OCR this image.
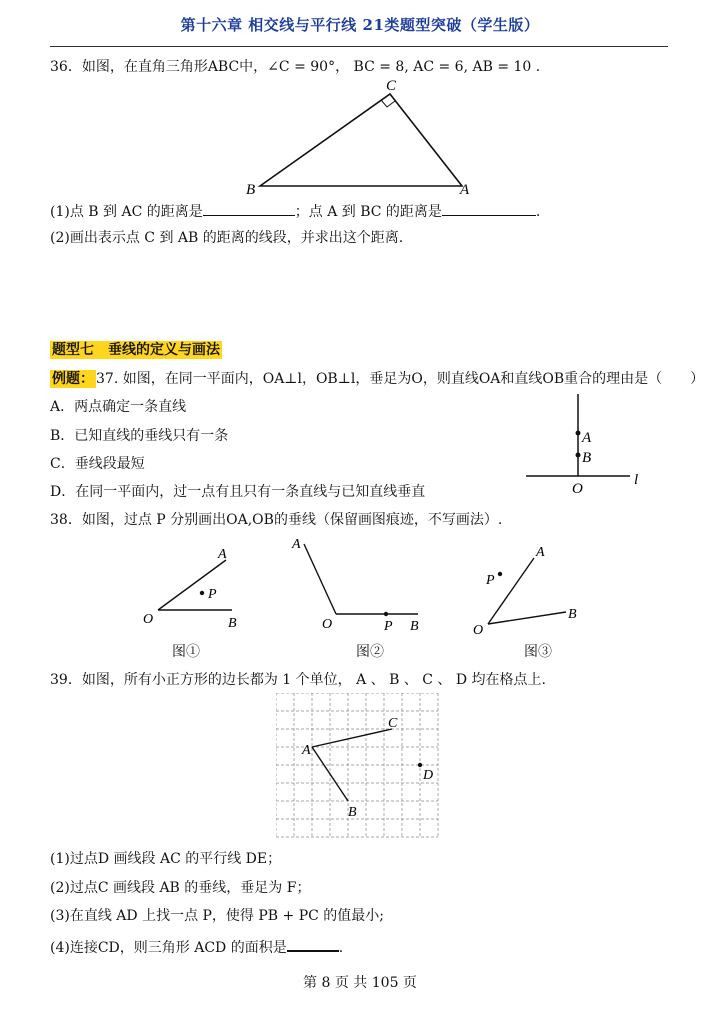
第十六章 相交线与平行线 21类题型突破（学生版）
36．如图，在直角三角形ABC中，∠C = 90°， BC = 8, AC = 6, AB = 10 .
C
B	A
(1)点 B 到 AC 的距离是	；点 A 到 BC 的距离是	.
(2)画出表示点 C 到 AB 的距离的线段，并求出这个距离.
题型七　垂线的定义与画法
例题： 37. 如图，在同一平面内，OA⊥l，OB⊥l，垂足为O，则直线OA和直线OB重合的理由是（　　）
A．两点确定一条直线
B．已知直线的垂线只有一条
C．垂线段最短
D．在同一平面内，过一点有且只有一条直线与已知直线垂直
A
B
O
l
38．如图，过点 P 分别画出OA,OB的垂线（保留画图痕迹，不写画法）.
A
P
O	B
图①
A
O	P B
图②
A
P
O
B
图③
39．如图，所有小正方形的边长都为 1 个单位， A 、 B 、 C 、 D 均在格点上.
C
A
D
B
(1)过点D 画线段 AC 的平行线 DE；
(2)过点C 画线段 AB 的垂线，垂足为 F；
(3)在直线 AD 上找一点 P，使得 PB + PC 的值最小;
(4)连接CD，则三角形 ACD 的面积是	.
第 8 页 共 105 页
